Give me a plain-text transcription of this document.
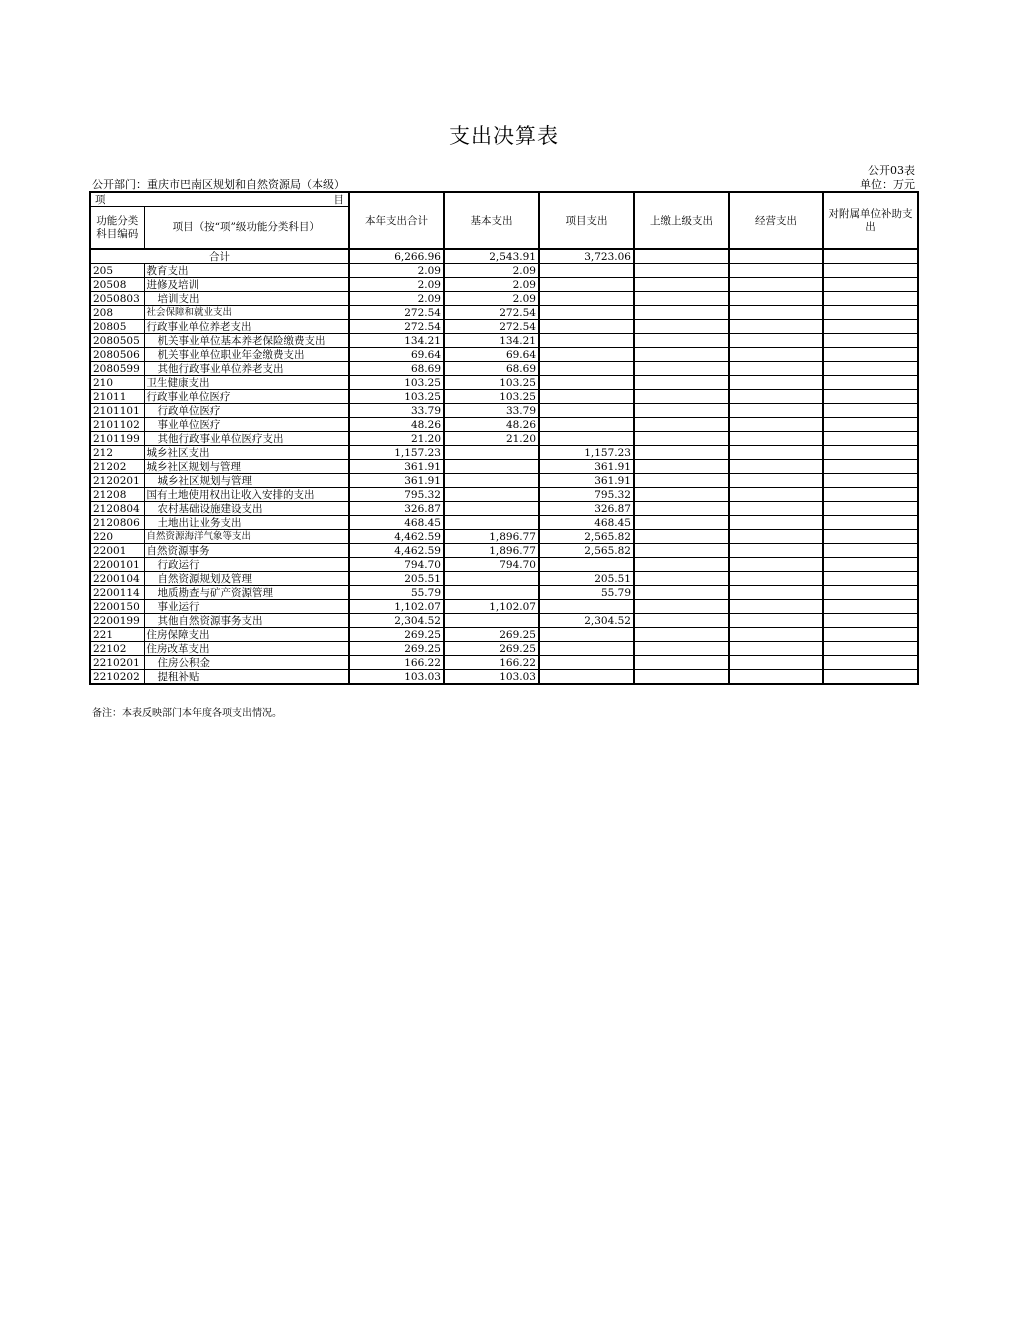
支出决算表
公开03表
公开部门：重庆市巴南区规划和自然资源局（本级）	单位：万元
项 目		本年支出合计	基本支出	项目支出	上缴上级支出	经营支出	对附属单位补助支出
功能分类科目编码	项目（按“项”级功能分类科目）						
合计		6,266.96	2,543.91	3,723.06			
205	教育支出	2.09	2.09				
20508	进修及培训	2.09	2.09				
2050803	培训支出	2.09	2.09				
208	社会保障和就业支出	272.54	272.54				
20805	行政事业单位养老支出	272.54	272.54				
2080505	机关事业单位基本养老保险缴费支出	134.21	134.21				
2080506	机关事业单位职业年金缴费支出	69.64	69.64				
2080599	其他行政事业单位养老支出	68.69	68.69				
210	卫生健康支出	103.25	103.25				
21011	行政事业单位医疗	103.25	103.25				
2101101	行政单位医疗	33.79	33.79				
2101102	事业单位医疗	48.26	48.26				
2101199	其他行政事业单位医疗支出	21.20	21.20				
212	城乡社区支出	1,157.23		1,157.23			
21202	城乡社区规划与管理	361.91		361.91			
2120201	城乡社区规划与管理	361.91		361.91			
21208	国有土地使用权出让收入安排的支出	795.32		795.32			
2120804	农村基础设施建设支出	326.87		326.87			
2120806	土地出让业务支出	468.45		468.45			
220	自然资源海洋气象等支出	4,462.59	1,896.77	2,565.82			
22001	自然资源事务	4,462.59	1,896.77	2,565.82			
2200101	行政运行	794.70	794.70				
2200104	自然资源规划及管理	205.51		205.51			
2200114	地质勘查与矿产资源管理	55.79		55.79			
2200150	事业运行	1,102.07	1,102.07				
2200199	其他自然资源事务支出	2,304.52		2,304.52			
221	住房保障支出	269.25	269.25				
22102	住房改革支出	269.25	269.25				
2210201	住房公积金	166.22	166.22				
2210202	提租补贴	103.03	103.03				
备注：本表反映部门本年度各项支出情况。
